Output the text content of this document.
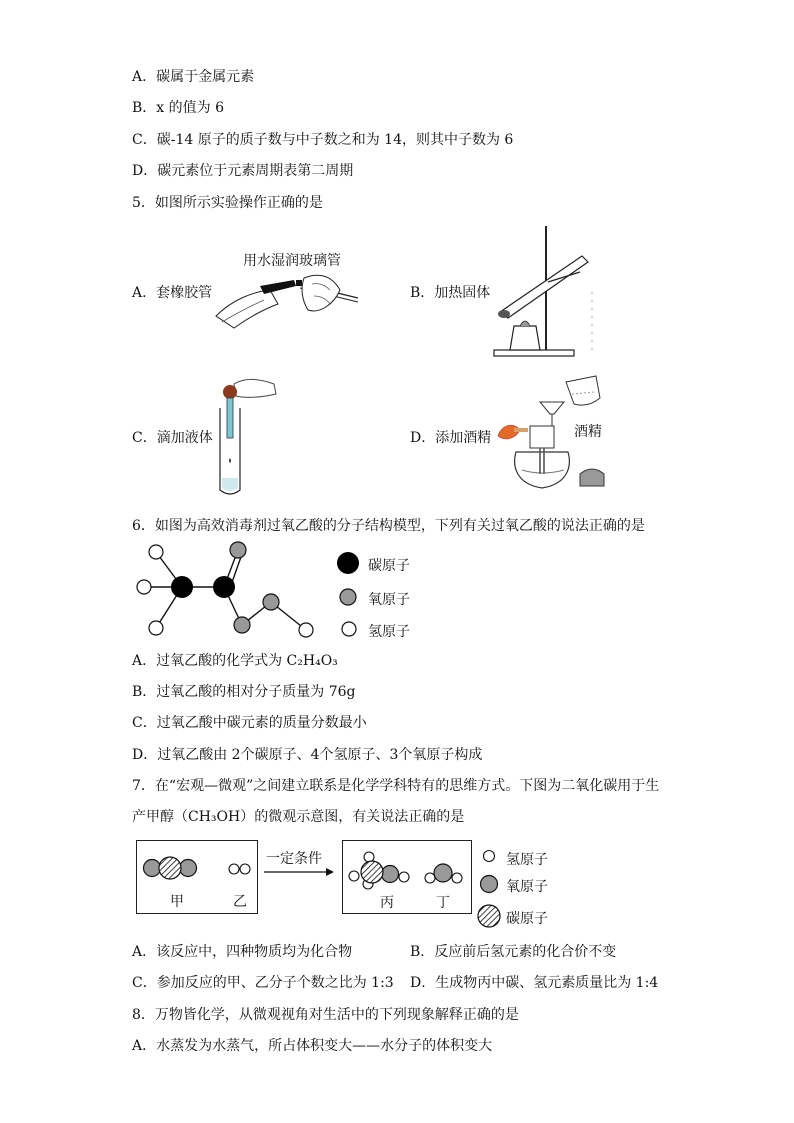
A．碳属于金属元素
B．x 的值为 6
C．碳-14 原子的质子数与中子数之和为 14，则其中子数为 6
D．碳元素位于元素周期表第二周期
5．如图所示实验操作正确的是
用水湿润玻璃管
A．套橡胶管	B．加热固体
C．滴加液体	D．添加酒精	酒精
6．如图为高效消毒剂过氧乙酸的分子结构模型，下列有关过氧乙酸的说法正确的是
碳原子
氧原子
氢原子
A．过氧乙酸的化学式为 C₂H₄O₃
B．过氧乙酸的相对分子质量为 76g
C．过氧乙酸中碳元素的质量分数最小
D．过氧乙酸由 2个碳原子、4个氢原子、3个氧原子构成
7．在“宏观—微观”之间建立联系是化学学科特有的思维方式。下图为二氧化碳用于生
产甲醇（CH₃OH）的微观示意图，有关说法正确的是
甲	乙
一定条件
丙	丁
氢原子
氧原子
碳原子
A．该反应中，四种物质均为化合物	B．反应前后氢元素的化合价不变
C．参加反应的甲、乙分子个数之比为 1:3 D．生成物丙中碳、氢元素质量比为 1:4
8．万物皆化学，从微观视角对生活中的下列现象解释正确的是
A．水蒸发为水蒸气，所占体积变大——水分子的体积变大
